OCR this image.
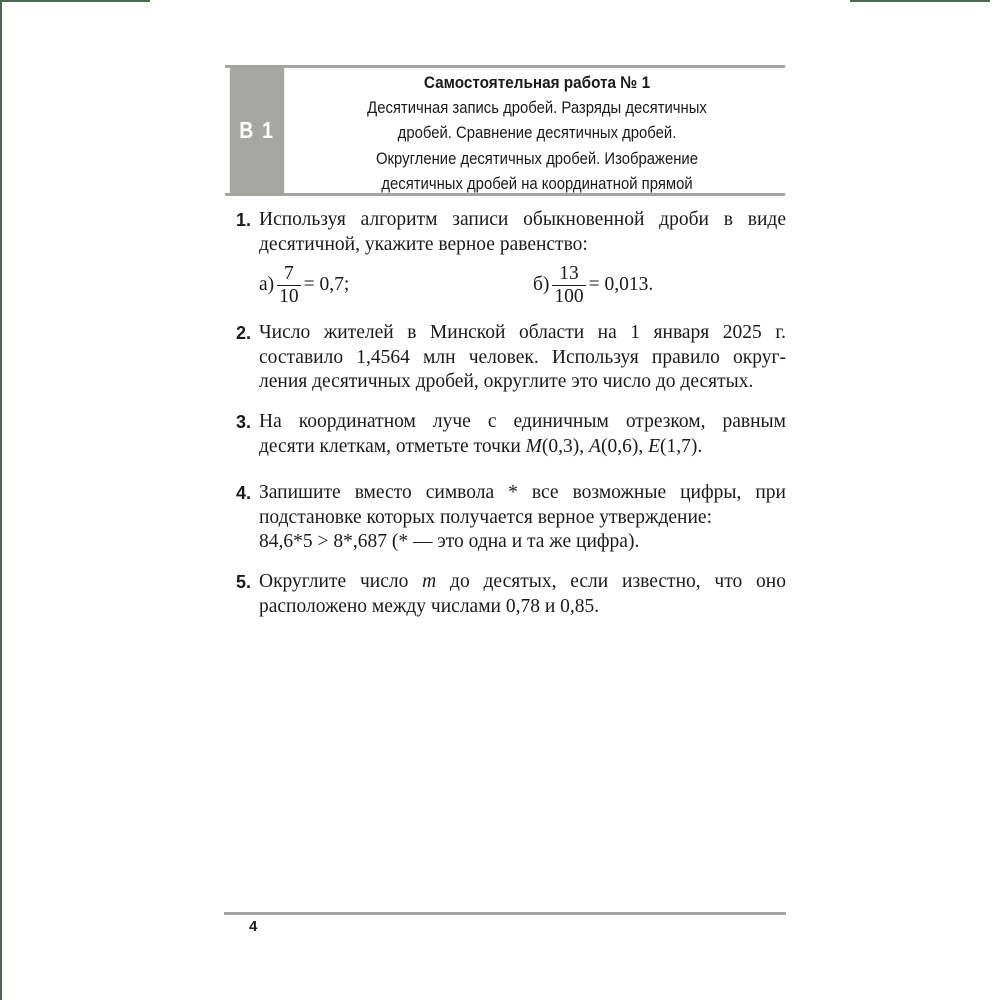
В 1
Самостоятельная работа № 1
Десятичная запись дробей. Разряды десятичных
дробей. Сравнение десятичных дробей.
Округление десятичных дробей. Изображение
десятичных дробей на координатной прямой
1. Используя алгоритм записи обыкновенной дроби в виде
десятичной, укажите верное равенство:
$а) \frac{7}{10} = 0,7$;	$б) \frac{13}{100} = 0,013$.
2. Число жителей в Минской области на 1 января 2025 г.
составило 1,4564 млн человек. Используя правило округ-
ления десятичных дробей, округлите это число до десятых.
3. На координатном луче с единичным отрезком, равным
десяти клеткам, отметьте точки M(0,3), A(0,6), E(1,7).
4. Запишите вместо символа * все возможные цифры, при
подстановке которых получается верное утверждение:
84,6*5 > 8*,687 (* — это одна и та же цифра).
5. Округлите число m до десятых, если известно, что оно
расположено между числами 0,78 и 0,85.
4
